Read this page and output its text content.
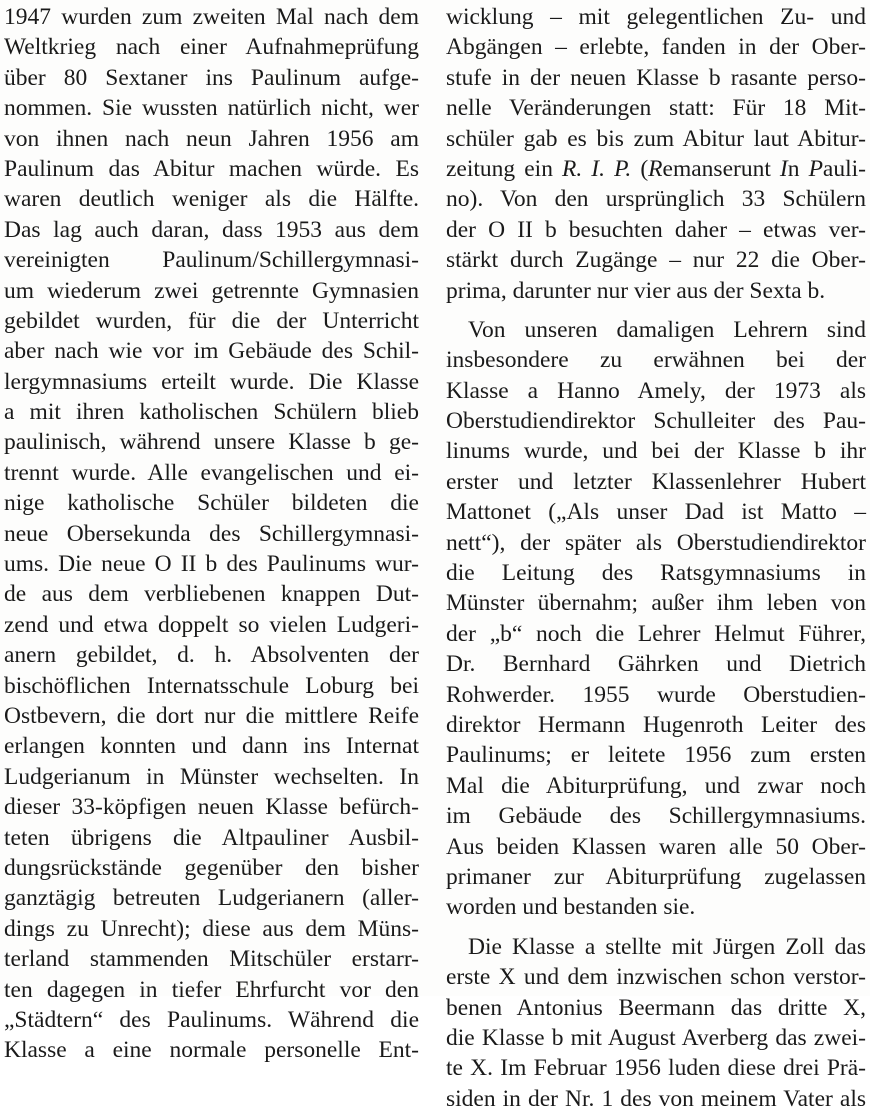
1947 wurden zum zweiten Mal nach dem
Weltkrieg nach einer Aufnahmeprüfung
über 80 Sextaner ins Paulinum aufge-
nommen. Sie wussten natürlich nicht, wer
von ihnen nach neun Jahren 1956 am
Paulinum das Abitur machen würde. Es
waren deutlich weniger als die Hälfte.
Das lag auch daran, dass 1953 aus dem
vereinigten Paulinum/Schillergymnasi-
um wiederum zwei getrennte Gymnasien
gebildet wurden, für die der Unterricht
aber nach wie vor im Gebäude des Schil-
lergymnasiums erteilt wurde. Die Klasse
a mit ihren katholischen Schülern blieb
paulinisch, während unsere Klasse b ge-
trennt wurde. Alle evangelischen und ei-
nige katholische Schüler bildeten die
neue Obersekunda des Schillergymnasi-
ums. Die neue O II b des Paulinums wur-
de aus dem verbliebenen knappen Dut-
zend und etwa doppelt so vielen Ludgeri-
anern gebildet, d. h. Absolventen der
bischöflichen Internatsschule Loburg bei
Ostbevern, die dort nur die mittlere Reife
erlangen konnten und dann ins Internat
Ludgerianum in Münster wechselten. In
dieser 33-köpfigen neuen Klasse befürch-
teten übrigens die Altpauliner Ausbil-
dungsrückstände gegenüber den bisher
ganztägig betreuten Ludgerianern (aller-
dings zu Unrecht); diese aus dem Müns-
terland stammenden Mitschüler erstarr-
ten dagegen in tiefer Ehrfurcht vor den
„Städtern“ des Paulinums. Während die
Klasse a eine normale personelle Ent-
wicklung – mit gelegentlichen Zu- und
Abgängen – erlebte, fanden in der Ober-
stufe in der neuen Klasse b rasante perso-
nelle Veränderungen statt: Für 18 Mit-
schüler gab es bis zum Abitur laut Abitur-
zeitung ein R. I. P. (Remanserunt In Pauli-
no). Von den ursprünglich 33 Schülern
der O II b besuchten daher – etwas ver-
stärkt durch Zugänge – nur 22 die Ober-
prima, darunter nur vier aus der Sexta b.
Von unseren damaligen Lehrern sind
insbesondere zu erwähnen bei der
Klasse a Hanno Amely, der 1973 als
Oberstudiendirektor Schulleiter des Pau-
linums wurde, und bei der Klasse b ihr
erster und letzter Klassenlehrer Hubert
Mattonet („Als unser Dad ist Matto –
nett“), der später als Oberstudiendirektor
die Leitung des Ratsgymnasiums in
Münster übernahm; außer ihm leben von
der „b“ noch die Lehrer Helmut Führer,
Dr. Bernhard Gährken und Dietrich
Rohwerder. 1955 wurde Oberstudien-
direktor Hermann Hugenroth Leiter des
Paulinums; er leitete 1956 zum ersten
Mal die Abiturprüfung, und zwar noch
im Gebäude des Schillergymnasiums.
Aus beiden Klassen waren alle 50 Ober-
primaner zur Abiturprüfung zugelassen
worden und bestanden sie.
Die Klasse a stellte mit Jürgen Zoll das
erste X und dem inzwischen schon verstor-
benen Antonius Beermann das dritte X,
die Klasse b mit August Averberg das zwei-
te X. Im Februar 1956 luden diese drei Prä-
siden in der Nr. 1 des von meinem Vater als
